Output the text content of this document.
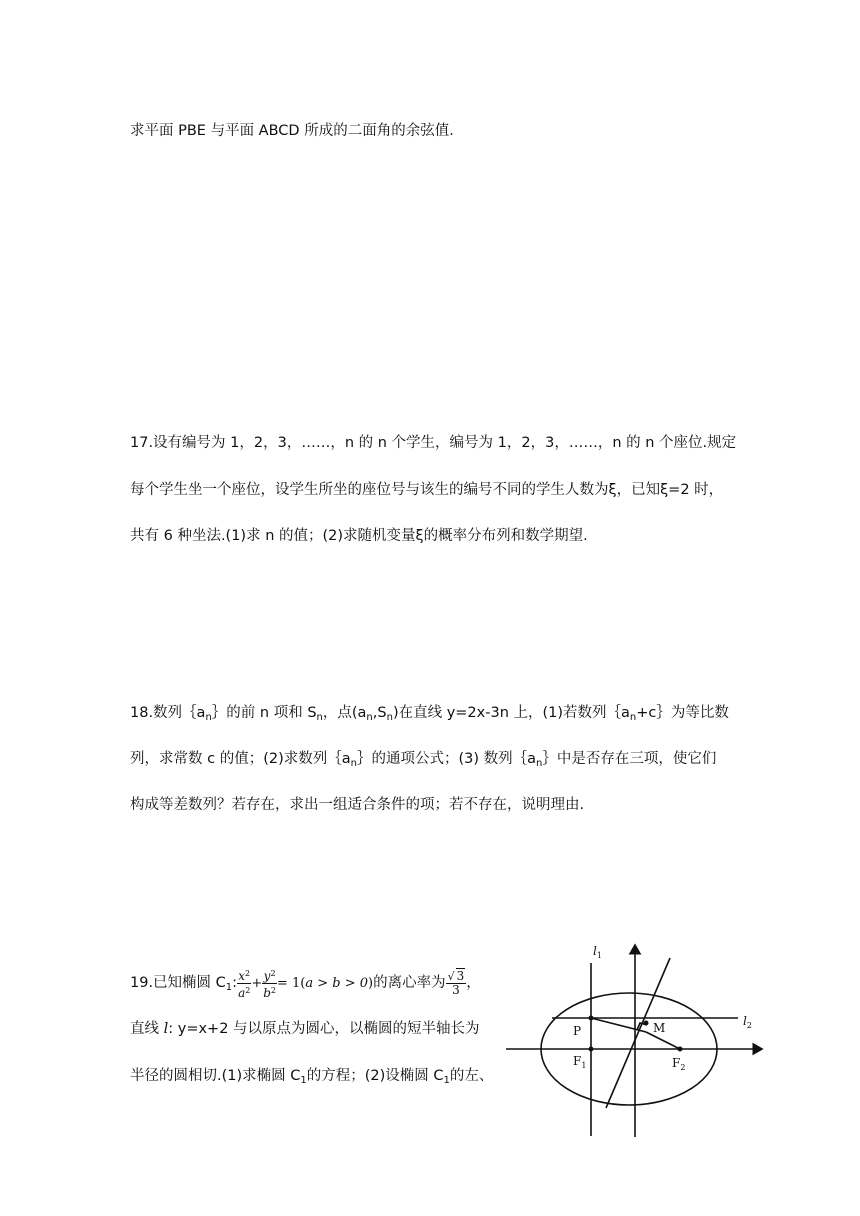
求平面 PBE 与平面 ABCD 所成的二面角的余弦值．
17.设有编号为 1，2，3，……，n 的 n 个学生，编号为 1，2，3，……，n 的 n 个座位.规定
每个学生坐一个座位，设学生所坐的座位号与该生的编号不同的学生人数为ξ，已知ξ=2 时，
共有 6 种坐法.(1)求 n 的值；(2)求随机变量ξ的概率分布列和数学期望.
18.数列$\{a_n\}$的前 n 项和 $S_n$，点$(a_n,S_n)$在直线 y=2x-3n 上，(1)若数列$\{a_n+c\}$为等比数
列，求常数 c 的值；(2)求数列$\{a_n\}$的通项公式；(3) 数列$\{a_n\}$中是否存在三项，使它们
构成等差数列？若存在，求出一组适合条件的项；若不存在，说明理由.
19.已知椭圆 $C_1$: $\frac{x^2}{a^2} + \frac{y^2}{b^2} = 1(a > b > 0)$的离心率为 $\frac{√ 3}{3}$ ，
直线 l: y=x+2 与以原点为圆心，以椭圆的短半轴长为
半径的圆相切.(1)求椭圆 $C_1$的方程；(2)设椭圆 $C_1$的左、
$l_1$
$l_2$
P	M
$F_1$	$F_2$
